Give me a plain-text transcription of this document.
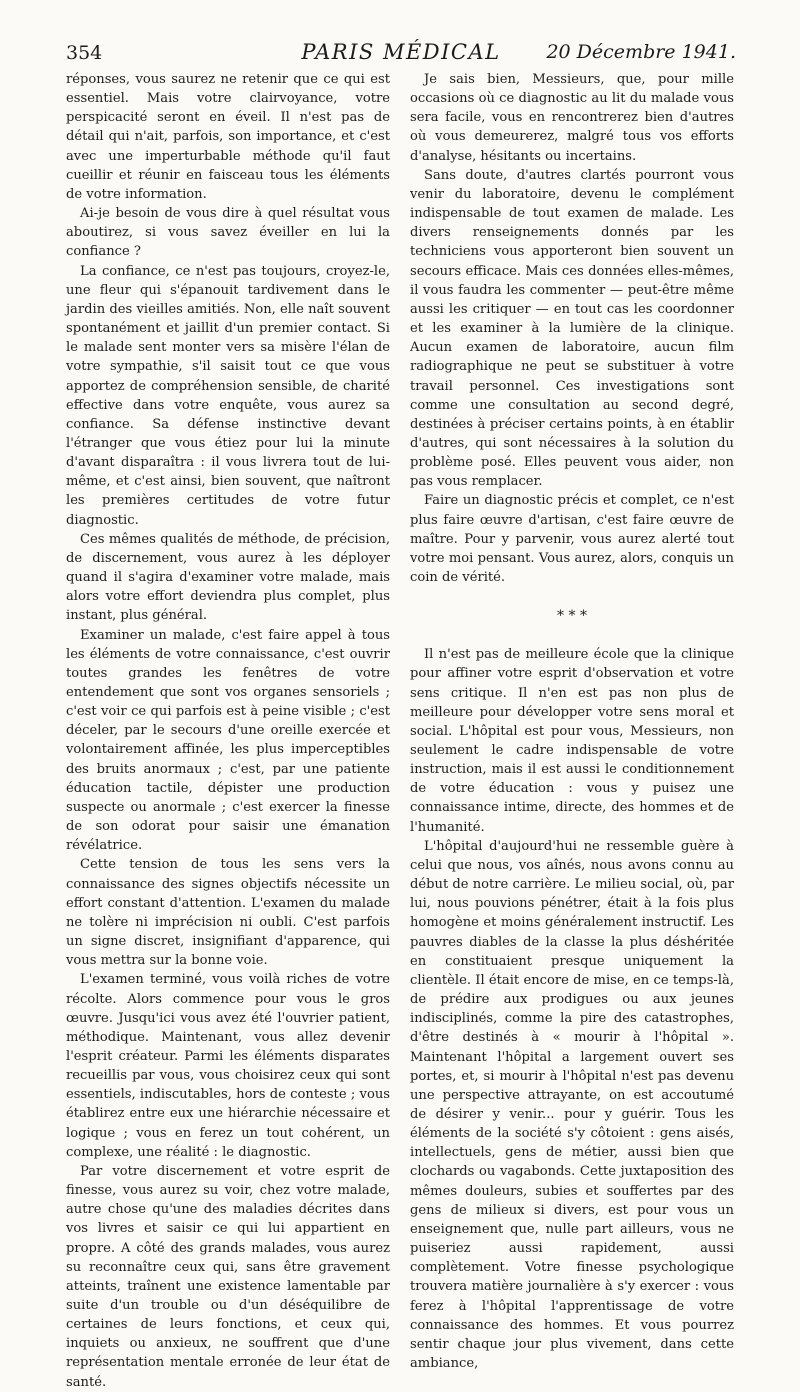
354	PARIS MÉDICAL	20 Décembre 1941.

réponses, vous saurez ne retenir que ce qui est essentiel. Mais votre clairvoyance, votre perspicacité seront en éveil. Il n'est pas de détail qui n'ait, parfois, son importance, et c'est avec une imperturbable méthode qu'il faut cueillir et réunir en faisceau tous les éléments de votre information.

Ai-je besoin de vous dire à quel résultat vous aboutirez, si vous savez éveiller en lui la confiance ?

La confiance, ce n'est pas toujours, croyez-le, une fleur qui s'épanouit tardivement dans le jardin des vieilles amitiés. Non, elle naît souvent spontanément et jaillit d'un premier contact. Si le malade sent monter vers sa misère l'élan de votre sympathie, s'il saisit tout ce que vous apportez de compréhension sensible, de charité effective dans votre enquête, vous aurez sa confiance. Sa défense instinctive devant l'étranger que vous étiez pour lui la minute d'avant disparaîtra : il vous livrera tout de lui-même, et c'est ainsi, bien souvent, que naîtront les premières certitudes de votre futur diagnostic.

Ces mêmes qualités de méthode, de précision, de discernement, vous aurez à les déployer quand il s'agira d'examiner votre malade, mais alors votre effort deviendra plus complet, plus instant, plus général.

Examiner un malade, c'est faire appel à tous les éléments de votre connaissance, c'est ouvrir toutes grandes les fenêtres de votre entendement que sont vos organes sensoriels ; c'est voir ce qui parfois est à peine visible ; c'est déceler, par le secours d'une oreille exercée et volontairement affinée, les plus imperceptibles des bruits anormaux ; c'est, par une patiente éducation tactile, dépister une production suspecte ou anormale ; c'est exercer la finesse de son odorat pour saisir une émanation révélatrice.

Cette tension de tous les sens vers la connaissance des signes objectifs nécessite un effort constant d'attention. L'examen du malade ne tolère ni imprécision ni oubli. C'est parfois un signe discret, insignifiant d'apparence, qui vous mettra sur la bonne voie.

L'examen terminé, vous voilà riches de votre récolte. Alors commence pour vous le gros œuvre. Jusqu'ici vous avez été l'ouvrier patient, méthodique. Maintenant, vous allez devenir l'esprit créateur. Parmi les éléments disparates recueillis par vous, vous choisirez ceux qui sont essentiels, indiscutables, hors de conteste ; vous établirez entre eux une hiérarchie nécessaire et logique ; vous en ferez un tout cohérent, un complexe, une réalité : le diagnostic.

Par votre discernement et votre esprit de finesse, vous aurez su voir, chez votre malade, autre chose qu'une des maladies décrites dans vos livres et saisir ce qui lui appartient en propre. A côté des grands malades, vous aurez su reconnaître ceux qui, sans être gravement atteints, traînent une existence lamentable par suite d'un trouble ou d'un déséquilibre de certaines de leurs fonctions, et ceux qui, inquiets ou anxieux, ne souffrent que d'une représentation mentale erronée de leur état de santé.

Je sais bien, Messieurs, que, pour mille occasions où ce diagnostic au lit du malade vous sera facile, vous en rencontrerez bien d'autres où vous demeurerez, malgré tous vos efforts d'analyse, hésitants ou incertains.

Sans doute, d'autres clartés pourront vous venir du laboratoire, devenu le complément indispensable de tout examen de malade. Les divers renseignements donnés par les techniciens vous apporteront bien souvent un secours efficace. Mais ces données elles-mêmes, il vous faudra les commenter — peut-être même aussi les critiquer — en tout cas les coordonner et les examiner à la lumière de la clinique. Aucun examen de laboratoire, aucun film radiographique ne peut se substituer à votre travail personnel. Ces investigations sont comme une consultation au second degré, destinées à préciser certains points, à en établir d'autres, qui sont nécessaires à la solution du problème posé. Elles peuvent vous aider, non pas vous remplacer.

Faire un diagnostic précis et complet, ce n'est plus faire œuvre d'artisan, c'est faire œuvre de maître. Pour y parvenir, vous aurez alerté tout votre moi pensant. Vous aurez, alors, conquis un coin de vérité.

* * *

Il n'est pas de meilleure école que la clinique pour affiner votre esprit d'observation et votre sens critique. Il n'en est pas non plus de meilleure pour développer votre sens moral et social. L'hôpital est pour vous, Messieurs, non seulement le cadre indispensable de votre instruction, mais il est aussi le conditionnement de votre éducation : vous y puisez une connaissance intime, directe, des hommes et de l'humanité.

L'hôpital d'aujourd'hui ne ressemble guère à celui que nous, vos aînés, nous avons connu au début de notre carrière. Le milieu social, où, par lui, nous pouvions pénétrer, était à la fois plus homogène et moins généralement instructif. Les pauvres diables de la classe la plus déshéritée en constituaient presque uniquement la clientèle. Il était encore de mise, en ce temps-là, de prédire aux prodigues ou aux jeunes indisciplinés, comme la pire des catastrophes, d'être destinés à « mourir à l'hôpital ». Maintenant l'hôpital a largement ouvert ses portes, et, si mourir à l'hôpital n'est pas devenu une perspective attrayante, on est accoutumé de désirer y venir... pour y guérir. Tous les éléments de la société s'y côtoient : gens aisés, intellectuels, gens de métier, aussi bien que clochards ou vagabonds. Cette juxtaposition des mêmes douleurs, subies et souffertes par des gens de milieux si divers, est pour vous un enseignement que, nulle part ailleurs, vous ne puiseriez aussi rapidement, aussi complètement. Votre finesse psychologique trouvera matière journalière à s'y exercer : vous ferez à l'hôpital l'apprentissage de votre connaissance des hommes. Et vous pourrez sentir chaque jour plus vivement, dans cette ambiance,
